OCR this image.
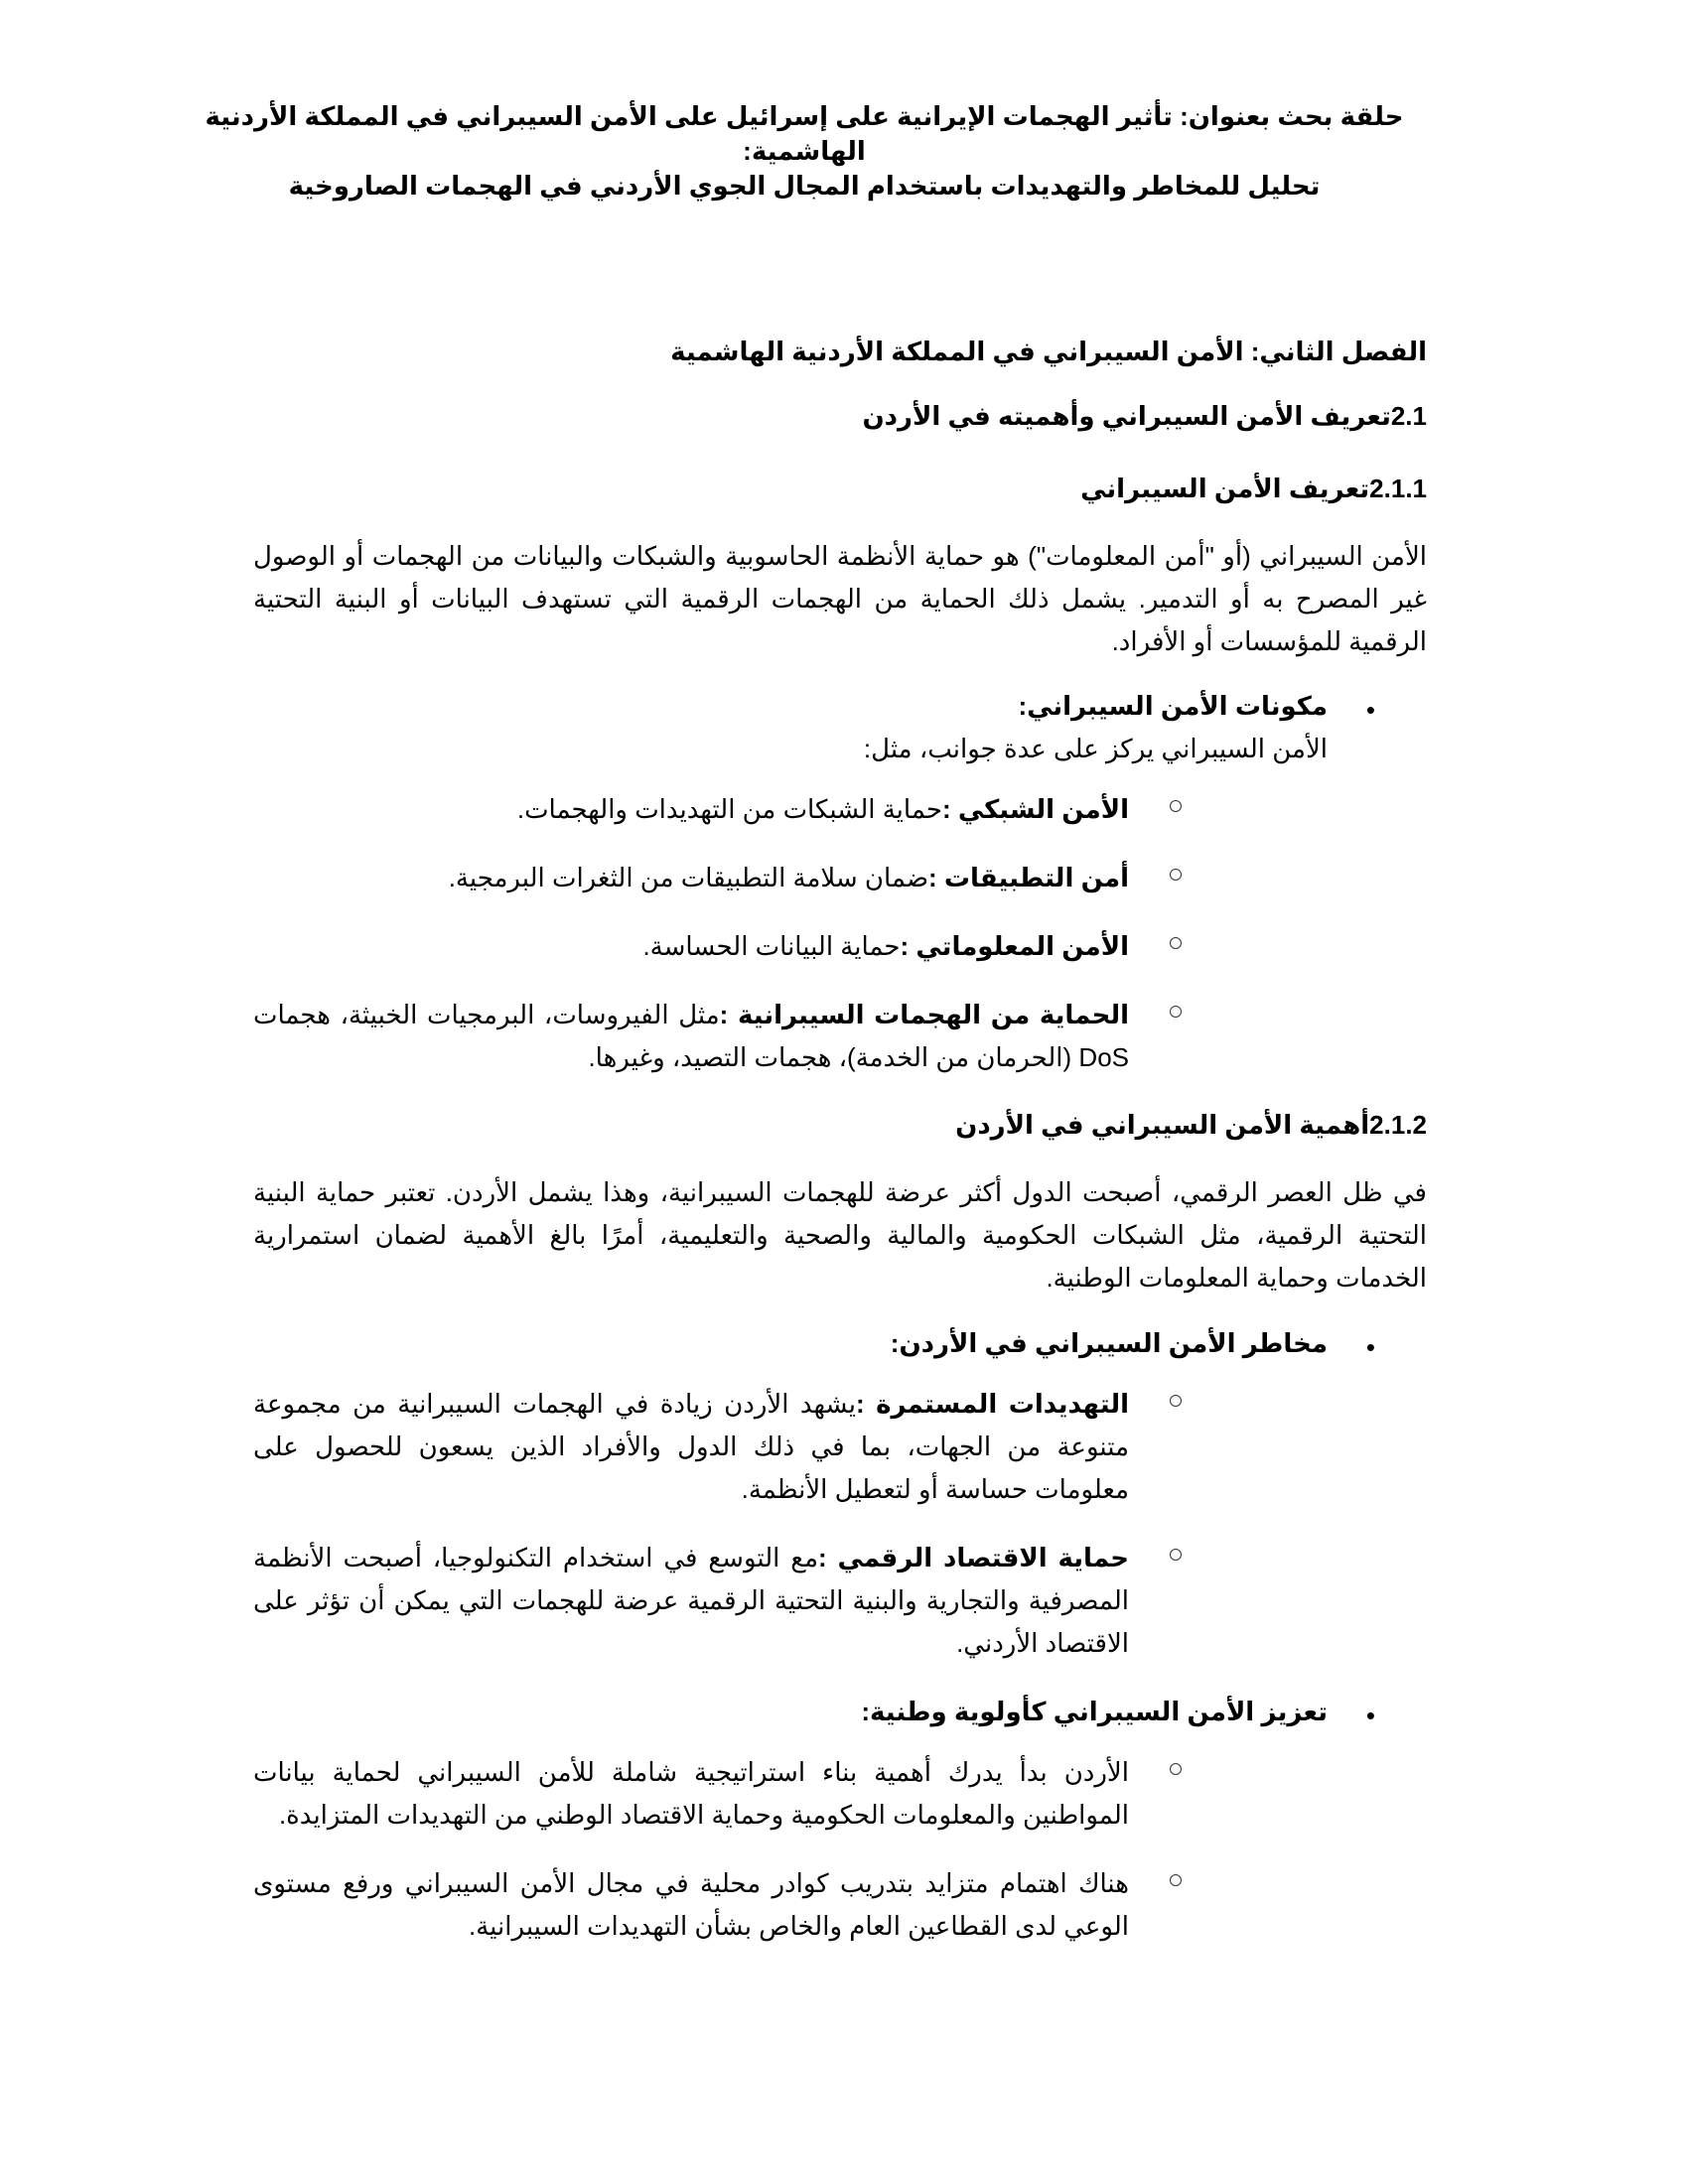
حلقة بحث بعنوان: تأثير الهجمات الإيرانية على إسرائيل على الأمن السيبراني في المملكة الأردنية الهاشمية:
تحليل للمخاطر والتهديدات باستخدام المجال الجوي الأردني في الهجمات الصاروخية
الفصل الثاني: الأمن السيبراني في المملكة الأردنية الهاشمية
2.1تعريف الأمن السيبراني وأهميته في الأردن
2.1.1تعريف الأمن السيبراني

الأمن السيبراني (أو "أمن المعلومات") هو حماية الأنظمة الحاسوبية والشبكات والبيانات من الهجمات أو الوصول غير المصرح به أو التدمير. يشمل ذلك الحماية من الهجمات الرقمية التي تستهدف البيانات أو البنية التحتية الرقمية للمؤسسات أو الأفراد.

•
مكونات الأمن السيبراني:
الأمن السيبراني يركز على عدة جوانب، مثل:
الأمن الشبكي :حماية الشبكات من التهديدات والهجمات.
أمن التطبيقات :ضمان سلامة التطبيقات من الثغرات البرمجية.
الأمن المعلوماتي :حماية البيانات الحساسة.
الحماية من الهجمات السيبرانية :مثل الفيروسات، البرمجيات الخبيثة، هجمات DoS (الحرمان من الخدمة)، هجمات التصيد، وغيرها.
2.1.2أهمية الأمن السيبراني في الأردن

في ظل العصر الرقمي، أصبحت الدول أكثر عرضة للهجمات السيبرانية، وهذا يشمل الأردن. تعتبر حماية البنية التحتية الرقمية، مثل الشبكات الحكومية والمالية والصحية والتعليمية، أمرًا بالغ الأهمية لضمان استمرارية الخدمات وحماية المعلومات الوطنية.

•
مخاطر الأمن السيبراني في الأردن:
التهديدات المستمرة :يشهد الأردن زيادة في الهجمات السيبرانية من مجموعة متنوعة من الجهات، بما في ذلك الدول والأفراد الذين يسعون للحصول على معلومات حساسة أو لتعطيل الأنظمة.
حماية الاقتصاد الرقمي :مع التوسع في استخدام التكنولوجيا، أصبحت الأنظمة المصرفية والتجارية والبنية التحتية الرقمية عرضة للهجمات التي يمكن أن تؤثر على الاقتصاد الأردني.
•
تعزيز الأمن السيبراني كأولوية وطنية:
الأردن بدأ يدرك أهمية بناء استراتيجية شاملة للأمن السيبراني لحماية بيانات المواطنين والمعلومات الحكومية وحماية الاقتصاد الوطني من التهديدات المتزايدة.
هناك اهتمام متزايد بتدريب كوادر محلية في مجال الأمن السيبراني ورفع مستوى الوعي لدى القطاعين العام والخاص بشأن التهديدات السيبرانية.
